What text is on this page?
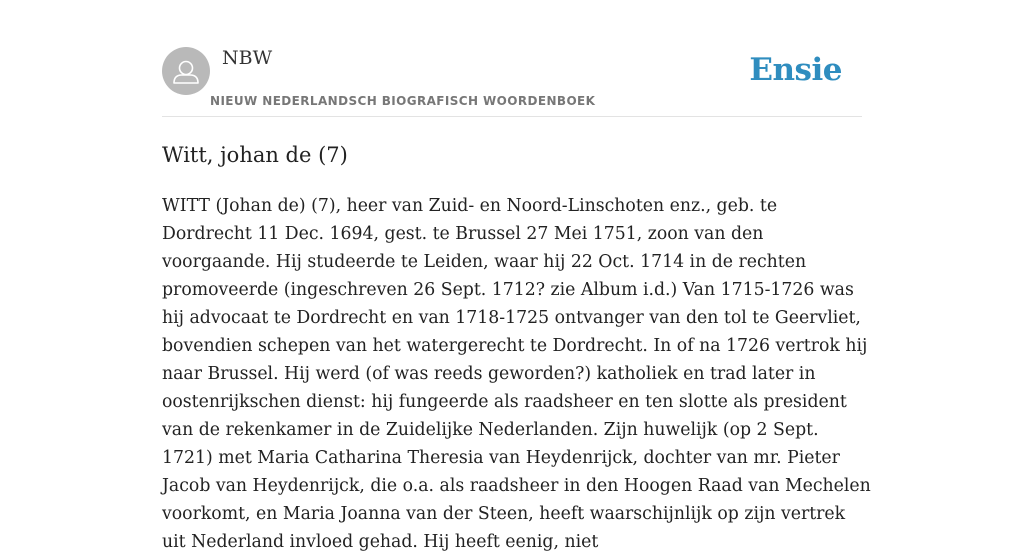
NBW
NIEUW NEDERLANDSCH BIOGRAFISCH WOORDENBOEK
Ensie
Witt, johan de (7)

WITT (Johan de) (7), heer van Zuid- en Noord-Linschoten enz., geb. te Dordrecht 11 Dec. 1694, gest. te Brussel 27 Mei 1751, zoon van den voorgaande. Hij studeerde te Leiden, waar hij 22 Oct. 1714 in de rechten promoveerde (ingeschreven 26 Sept. 1712? zie Album i.d.) Van 1715-1726 was hij advocaat te Dordrecht en van 1718-1725 ontvanger van den tol te Geervliet, bovendien schepen van het watergerecht te Dordrecht. In of na 1726 vertrok hij naar Brussel. Hij werd (of was reeds geworden?) katholiek en trad later in oostenrijkschen dienst: hij fungeerde als raadsheer en ten slotte als president van de rekenkamer in de Zuidelijke Nederlanden. Zijn huwelijk (op 2 Sept. 1721) met Maria Catharina Theresia van Heydenrijck, dochter van mr. Pieter Jacob van Heydenrijck, die o.a. als raadsheer in den Hoogen Raad van Mechelen voorkomt, en Maria Joanna van der Steen, heeft waarschijnlijk op zijn vertrek uit Nederland invloed gehad. Hij heeft eenig, niet
